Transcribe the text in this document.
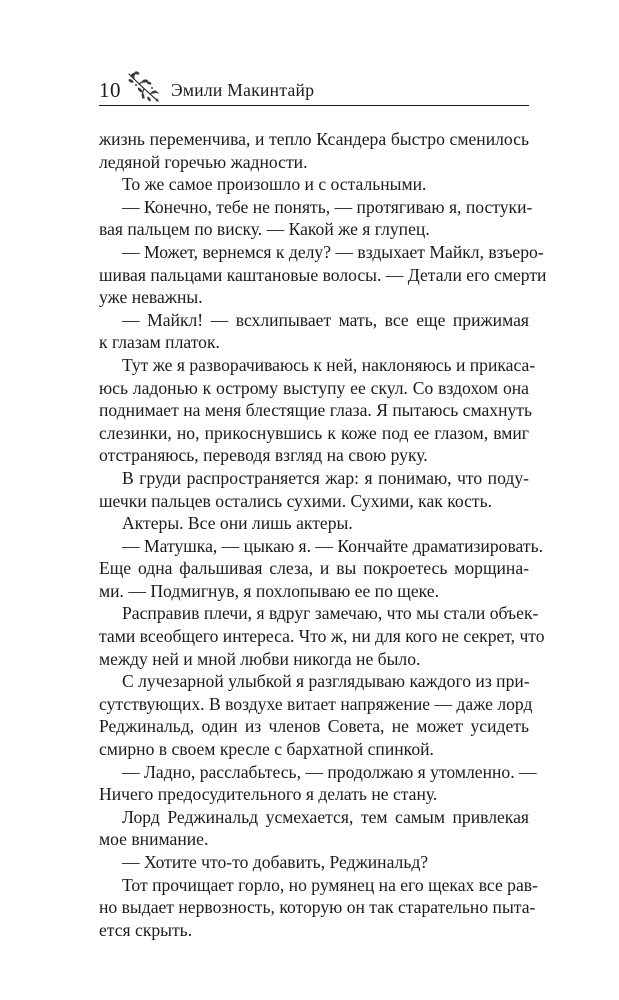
10	Эмили Макинтайр
жизнь переменчива, и тепло Ксандера быстро сменилось
ледяной горечью жадности.
То же самое произошло и с остальными.
— Конечно, тебе не понять, — протягиваю я, постуки-
вая пальцем по виску. — Какой же я глупец.
— Может, вернемся к делу? — вздыхает Майкл, взъеро-
шивая пальцами каштановые волосы. — Детали его смерти
уже неважны.
— Майкл! — всхлипывает мать, все еще прижимая
к глазам платок.
Тут же я разворачиваюсь к ней, наклоняюсь и прикаса-
юсь ладонью к острому выступу ее скул. Со вздохом она
поднимает на меня блестящие глаза. Я пытаюсь смахнуть
слезинки, но, прикоснувшись к коже под ее глазом, вмиг
отстраняюсь, переводя взгляд на свою руку.
В груди распространяется жар: я понимаю, что поду-
шечки пальцев остались сухими. Сухими, как кость.
Актеры. Все они лишь актеры.
— Матушка, — цыкаю я. — Кончайте драматизировать.
Еще одна фальшивая слеза, и вы покроетесь морщина-
ми. — Подмигнув, я похлопываю ее по щеке.
Расправив плечи, я вдруг замечаю, что мы стали объек-
тами всеобщего интереса. Что ж, ни для кого не секрет, что
между ней и мной любви никогда не было.
С лучезарной улыбкой я разглядываю каждого из при-
сутствующих. В воздухе витает напряжение — даже лорд
Реджинальд, один из членов Совета, не может усидеть
смирно в своем кресле с бархатной спинкой.
— Ладно, расслабьтесь, — продолжаю я утомленно. —
Ничего предосудительного я делать не стану.
Лорд Реджинальд усмехается, тем самым привлекая
мое внимание.
— Хотите что-то добавить, Реджинальд?
Тот прочищает горло, но румянец на его щеках все рав-
но выдает нервозность, которую он так старательно пыта-
ется скрыть.
